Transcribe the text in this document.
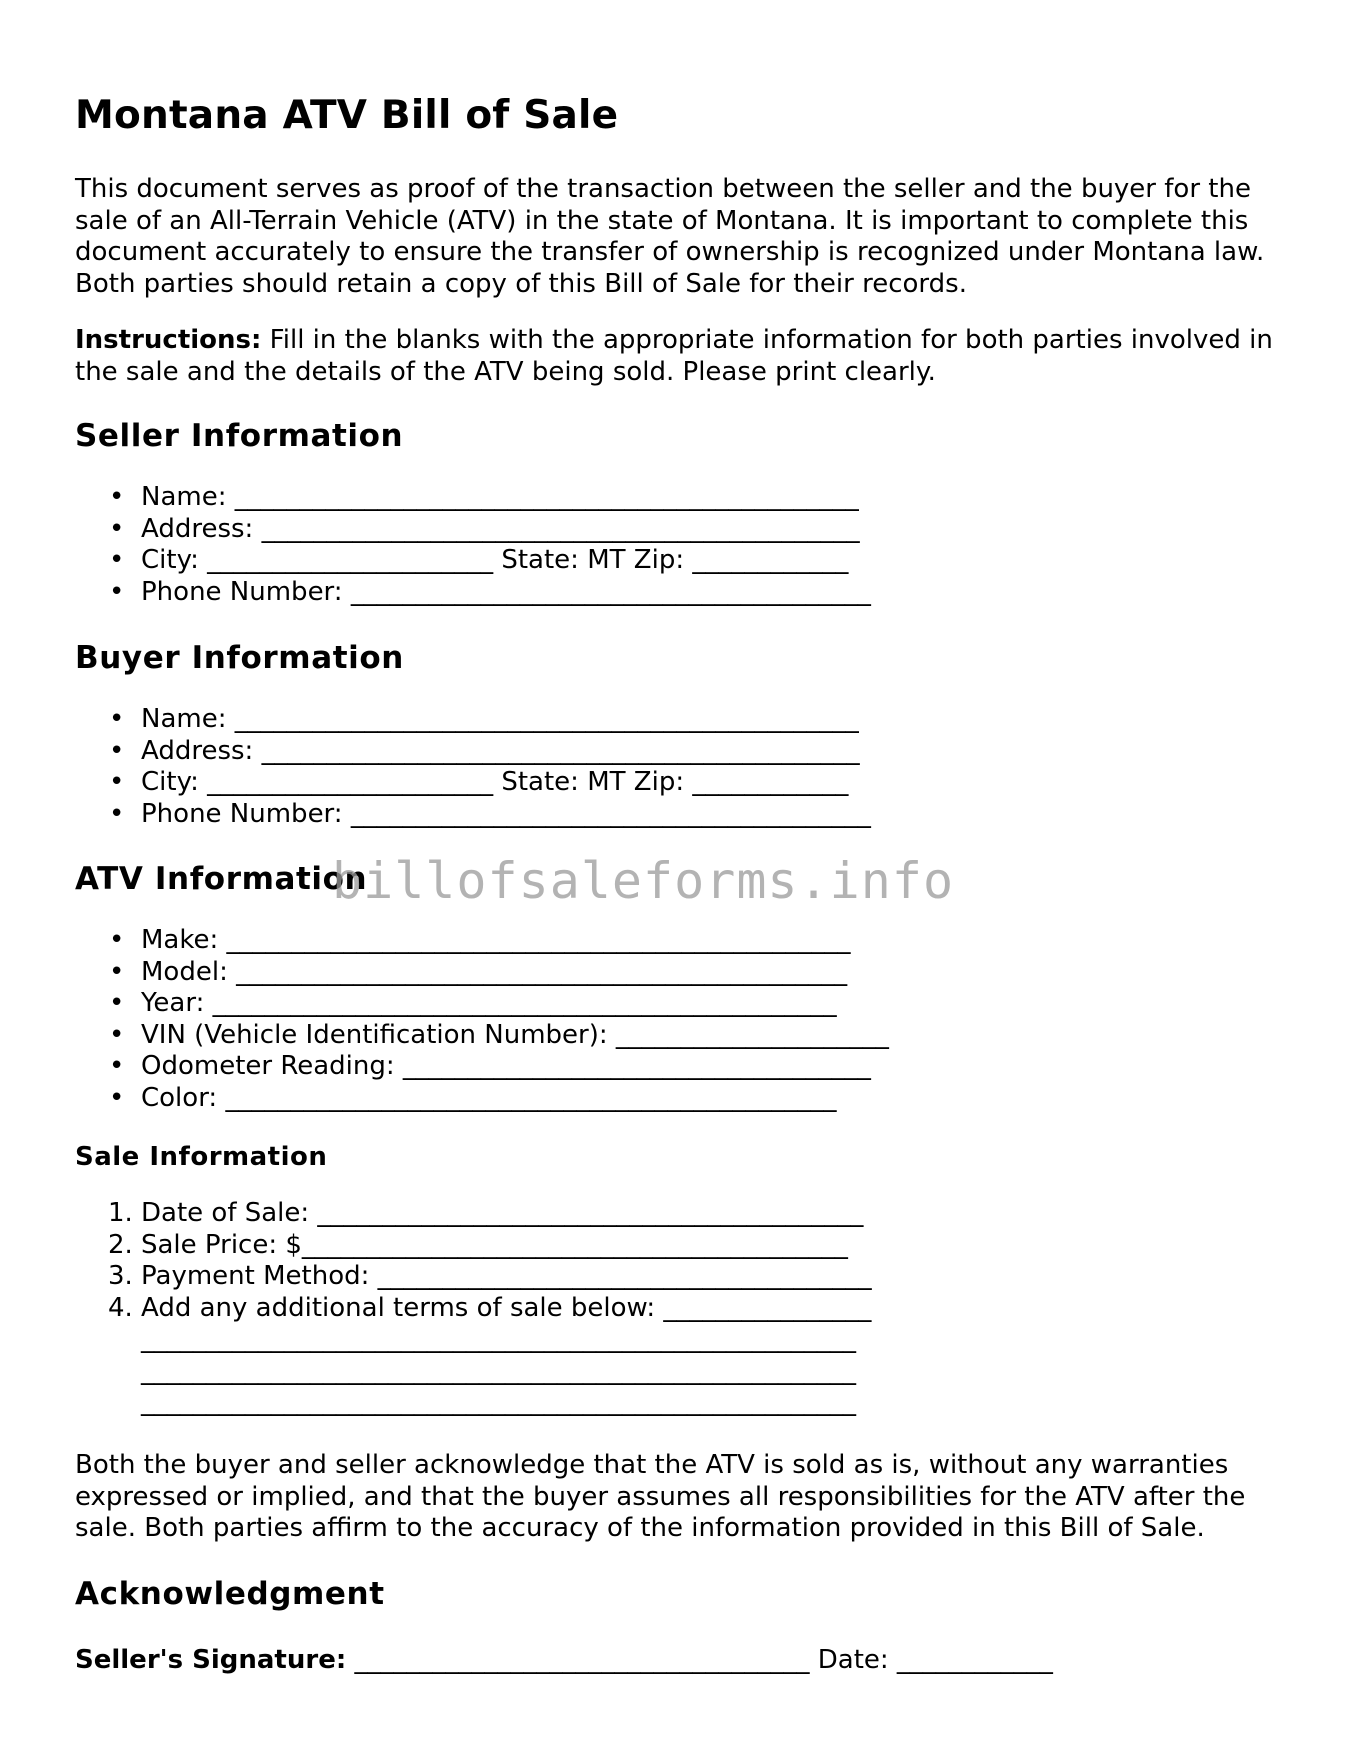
Montana ATV Bill of Sale

This document serves as proof of the transaction between the seller and the buyer for the sale of an All-Terrain Vehicle (ATV) in the state of Montana. It is important to complete this document accurately to ensure the transfer of ownership is recognized under Montana law. Both parties should retain a copy of this Bill of Sale for their records.

Instructions: Fill in the blanks with the appropriate information for both parties involved in the sale and the details of the ATV being sold. Please print clearly.

Seller Information
• Name: ________________________________________________
• Address: ______________________________________________
• City: ______________________ State: MT Zip: ____________
• Phone Number: ________________________________________
Buyer Information
• Name: ________________________________________________
• Address: ______________________________________________
• City: ______________________ State: MT Zip: ____________
• Phone Number: ________________________________________
ATV Information
• Make: ________________________________________________
• Model: _______________________________________________
• Year: ________________________________________________
• VIN (Vehicle Identification Number): _____________________
• Odometer Reading: ____________________________________
• Color: _______________________________________________
Sale Information
1. Date of Sale: __________________________________________
2. Sale Price: $__________________________________________
3. Payment Method: ______________________________________
4. Add any additional terms of sale below: ________________
_______________________________________________________
_______________________________________________________
_______________________________________________________

Both the buyer and seller acknowledge that the ATV is sold as is, without any warranties expressed or implied, and that the buyer assumes all responsibilities for the ATV after the sale. Both parties affirm to the accuracy of the information provided in this Bill of Sale.

Acknowledgment

Seller's Signature: ___________________________________ Date: ____________

billofsaleforms.info
